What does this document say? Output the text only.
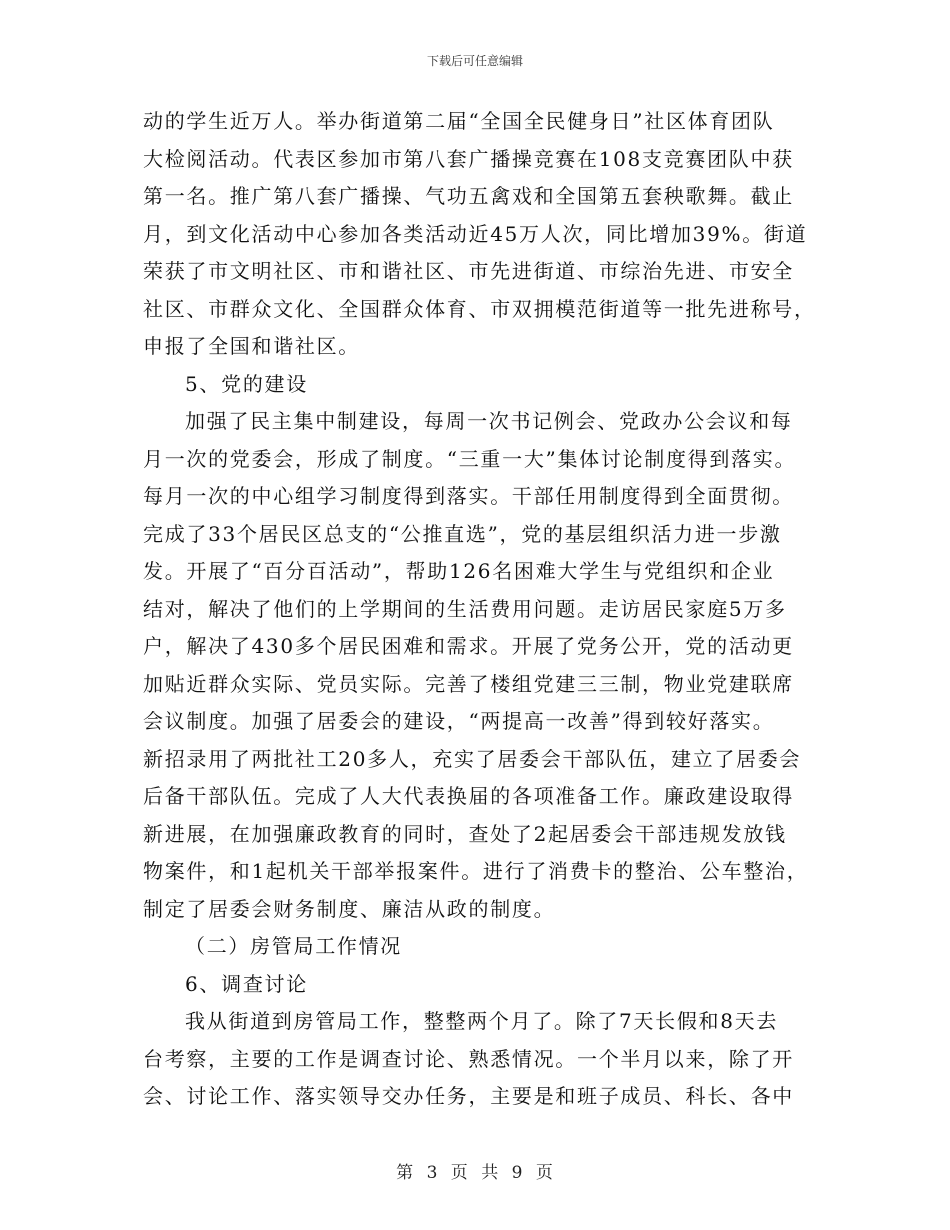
下载后可任意编辑
动的学生近万人。举办街道第二届“全国全民健身日”社区体育团队
大检阅活动。代表区参加市第八套广播操竞赛在108支竞赛团队中获
第一名。推广第八套广播操、气功五禽戏和全国第五套秧歌舞。截止
月，到文化活动中心参加各类活动近45万人次，同比增加39%。街道
荣获了市文明社区、市和谐社区、市先进街道、市综治先进、市安全
社区、市群众文化、全国群众体育、市双拥模范街道等一批先进称号，
申报了全国和谐社区。
5、党的建设
加强了民主集中制建设，每周一次书记例会、党政办公会议和每
月一次的党委会，形成了制度。“三重一大”集体讨论制度得到落实。
每月一次的中心组学习制度得到落实。干部任用制度得到全面贯彻。
完成了33个居民区总支的“公推直选”，党的基层组织活力进一步激
发。开展了“百分百活动”，帮助126名困难大学生与党组织和企业
结对，解决了他们的上学期间的生活费用问题。走访居民家庭5万多
户，解决了430多个居民困难和需求。开展了党务公开，党的活动更
加贴近群众实际、党员实际。完善了楼组党建三三制，物业党建联席
会议制度。加强了居委会的建设，“两提高一改善”得到较好落实。
新招录用了两批社工20多人，充实了居委会干部队伍，建立了居委会
后备干部队伍。完成了人大代表换届的各项准备工作。廉政建设取得
新进展，在加强廉政教育的同时，查处了2起居委会干部违规发放钱
物案件，和1起机关干部举报案件。进行了消费卡的整治、公车整治，
制定了居委会财务制度、廉洁从政的制度。
（二）房管局工作情况
6、调查讨论
我从街道到房管局工作，整整两个月了。除了7天长假和8天去
台考察，主要的工作是调查讨论、熟悉情况。一个半月以来，除了开
会、讨论工作、落实领导交办任务，主要是和班子成员、科长、各中
第 3 页 共 9 页
